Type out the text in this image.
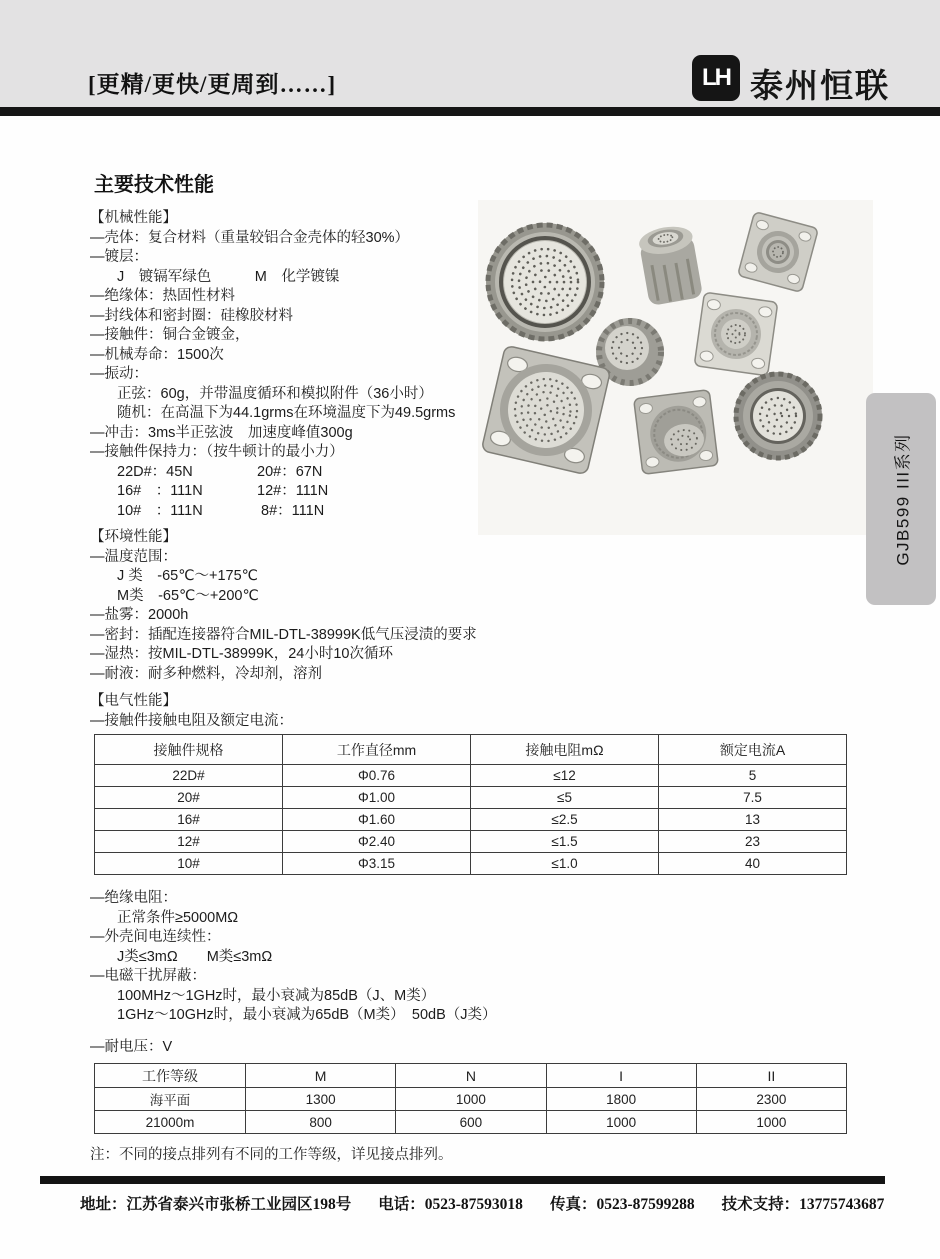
[更精/更快/更周到……]	LH 泰州恒联
GJB599 III系列
主要技术性能
【机械性能】
—壳体：复合材料（重量较铝合金壳体的轻30%）
—镀层：
J　镀镉军绿色　　　M　化学镀镍
—绝缘体：热固性材料
—封线体和密封圈：硅橡胶材料
—接触件：铜合金镀金，
—机械寿命：1500次
—振动：
正弦：60g，并带温度循环和模拟附件（36小时）
随机：在高温下为44.1grms在环境温度下为49.5grms
—冲击：3ms半正弦波　加速度峰值300g
—接触件保持力：（按牛顿计的最小力）
22D#：45N	20#：67N
16#　：111N	12#：111N
10#　：111N	8#：111N
【环境性能】
—温度范围：
J 类　-65℃～+175℃
M类　-65℃～+200℃
—盐雾：2000h
—密封：插配连接器符合MIL-DTL-38999K低气压浸渍的要求
—湿热：按MIL-DTL-38999K，24小时10次循环
—耐液：耐多种燃料，冷却剂，溶剂
【电气性能】
—接触件接触电阻及额定电流：
接触件规格	工作直径mm	接触电阻mΩ	额定电流A
22D#	Φ0.76	≤12	5
20#	Φ1.00	≤5	7.5
16#	Φ1.60	≤2.5	13
12#	Φ2.40	≤1.5	23
10#	Φ3.15	≤1.0	40
—绝缘电阻：
正常条件≥5000MΩ
—外壳间电连续性：
J类≤3mΩ　　M类≤3mΩ
—电磁干扰屏蔽：
100MHz～1GHz时，最小衰减为85dB（J、M类）
1GHz～10GHz时，最小衰减为65dB（M类）　50dB（J类）
—耐电压：V
工作等级	M	N	I	II
海平面	1300	1000	1800	2300
21000m	800	600	1000	1000
注：不同的接点排列有不同的工作等级，详见接点排列。
地址：江苏省泰兴市张桥工业园区198号 电话：0523-87593018 传真：0523-87599288 技术支持：13775743687
